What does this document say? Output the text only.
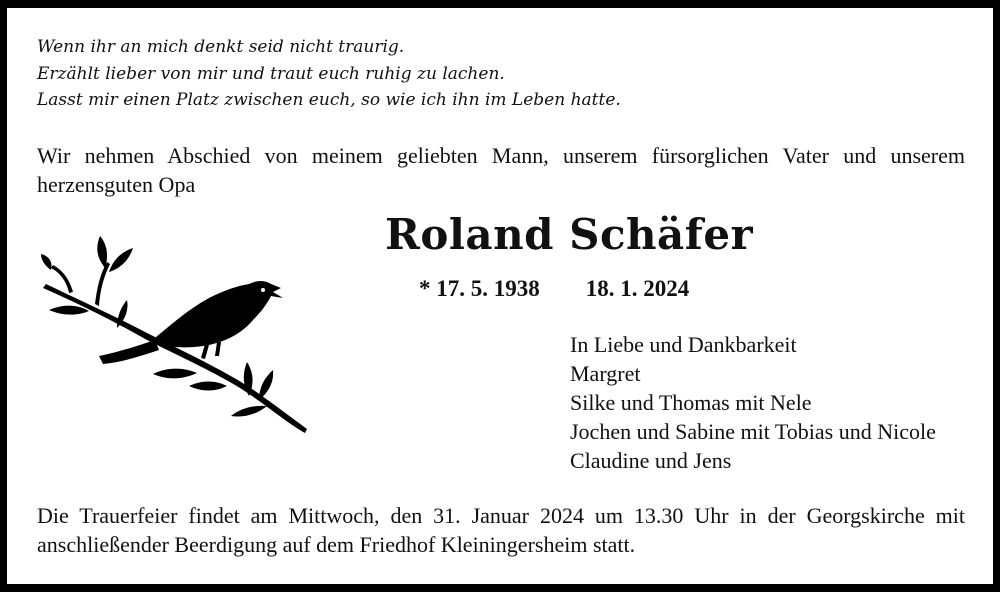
Wenn ihr an mich denkt seid nicht traurig.
Erzählt lieber von mir und traut euch ruhig zu lachen.
Lasst mir einen Platz zwischen euch, so wie ich ihn im Leben hatte.
Wir nehmen Abschied von meinem geliebten Mann, unserem fürsorglichen Vater und unserem herzensguten Opa
Roland Schäfer
* 17. 5. 1938 18. 1. 2024
In Liebe und Dankbarkeit
Margret
Silke und Thomas mit Nele
Jochen und Sabine mit Tobias und Nicole
Claudine und Jens
Die Trauerfeier findet am Mittwoch, den 31. Januar 2024 um 13.30 Uhr in der Georgskirche mit anschließender Beerdigung auf dem Friedhof Kleiningersheim statt.
